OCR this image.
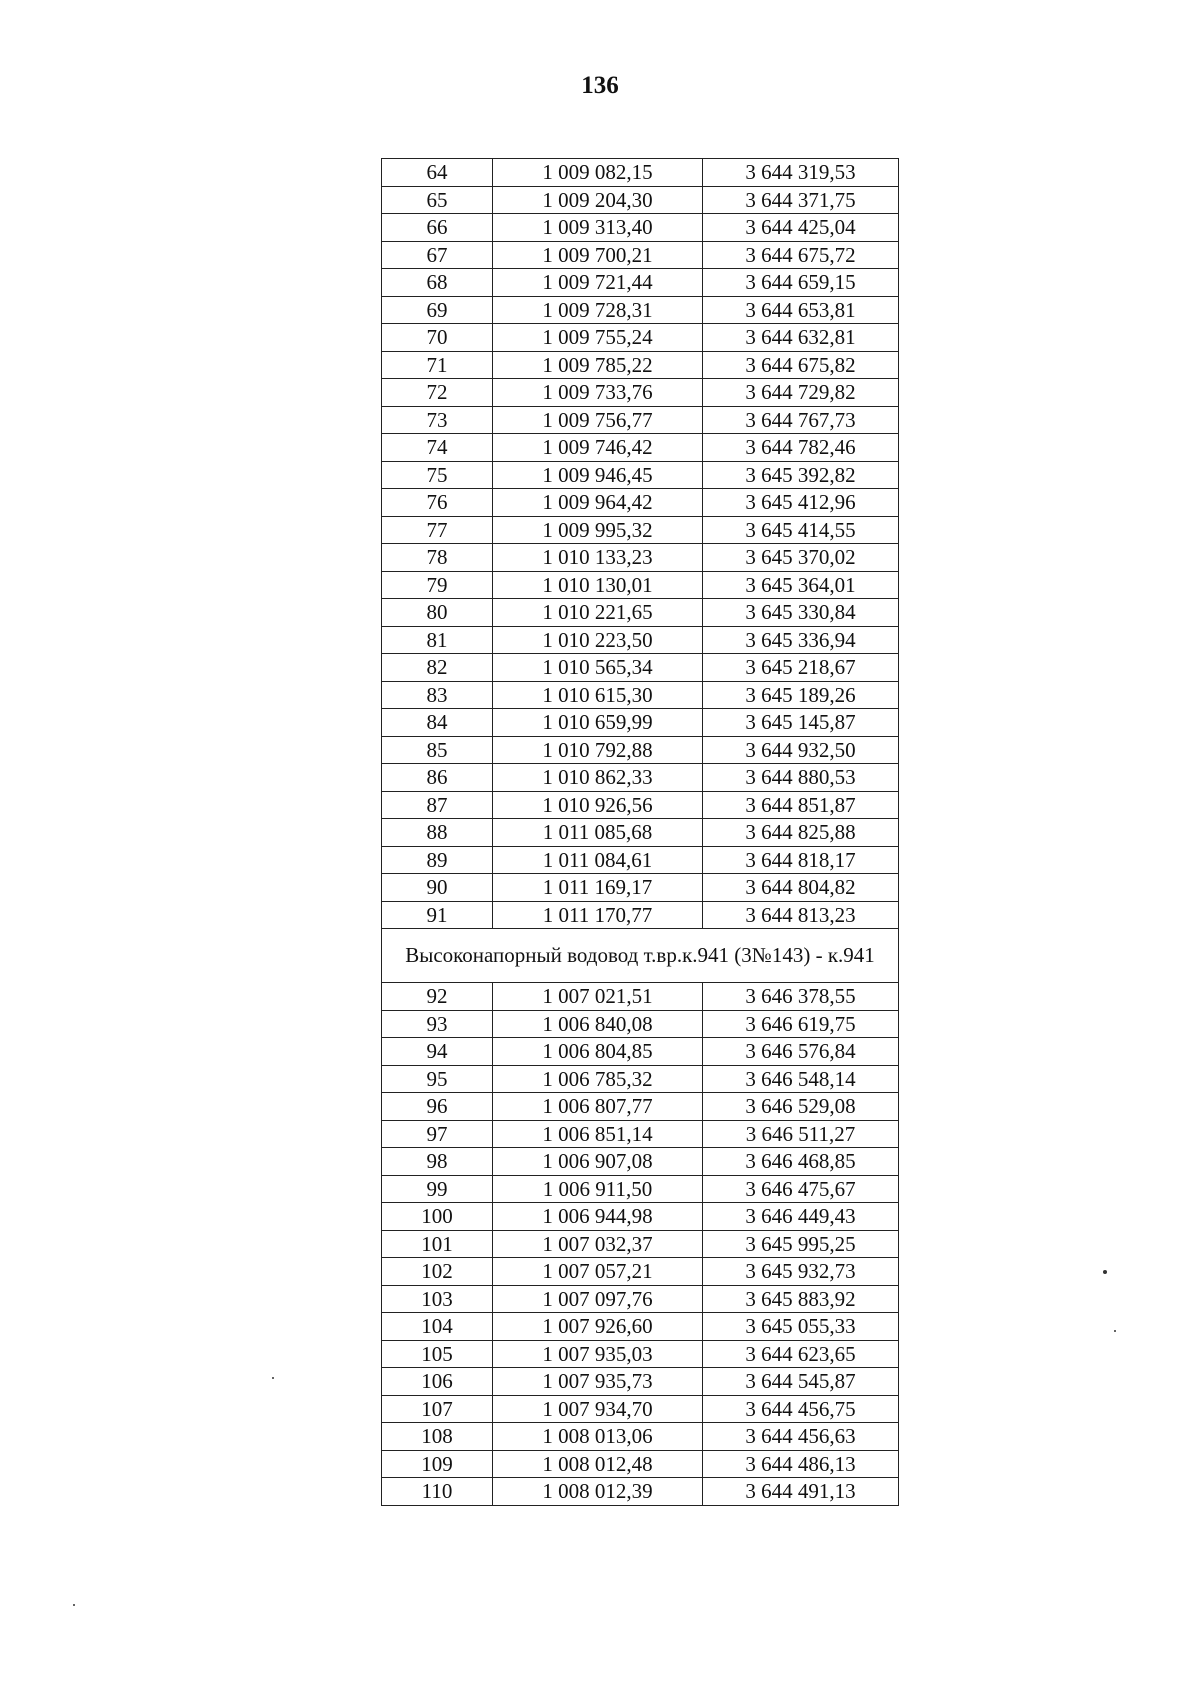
136
64	1 009 082,15	3 644 319,53
65	1 009 204,30	3 644 371,75
66	1 009 313,40	3 644 425,04
67	1 009 700,21	3 644 675,72
68	1 009 721,44	3 644 659,15
69	1 009 728,31	3 644 653,81
70	1 009 755,24	3 644 632,81
71	1 009 785,22	3 644 675,82
72	1 009 733,76	3 644 729,82
73	1 009 756,77	3 644 767,73
74	1 009 746,42	3 644 782,46
75	1 009 946,45	3 645 392,82
76	1 009 964,42	3 645 412,96
77	1 009 995,32	3 645 414,55
78	1 010 133,23	3 645 370,02
79	1 010 130,01	3 645 364,01
80	1 010 221,65	3 645 330,84
81	1 010 223,50	3 645 336,94
82	1 010 565,34	3 645 218,67
83	1 010 615,30	3 645 189,26
84	1 010 659,99	3 645 145,87
85	1 010 792,88	3 644 932,50
86	1 010 862,33	3 644 880,53
87	1 010 926,56	3 644 851,87
88	1 011 085,68	3 644 825,88
89	1 011 084,61	3 644 818,17
90	1 011 169,17	3 644 804,82
91	1 011 170,77	3 644 813,23
Высоконапорный водовод т.вр.к.941 (3№143) - к.941		
92	1 007 021,51	3 646 378,55
93	1 006 840,08	3 646 619,75
94	1 006 804,85	3 646 576,84
95	1 006 785,32	3 646 548,14
96	1 006 807,77	3 646 529,08
97	1 006 851,14	3 646 511,27
98	1 006 907,08	3 646 468,85
99	1 006 911,50	3 646 475,67
100	1 006 944,98	3 646 449,43
101	1 007 032,37	3 645 995,25
102	1 007 057,21	3 645 932,73
103	1 007 097,76	3 645 883,92
104	1 007 926,60	3 645 055,33
105	1 007 935,03	3 644 623,65
106	1 007 935,73	3 644 545,87
107	1 007 934,70	3 644 456,75
108	1 008 013,06	3 644 456,63
109	1 008 012,48	3 644 486,13
110	1 008 012,39	3 644 491,13
